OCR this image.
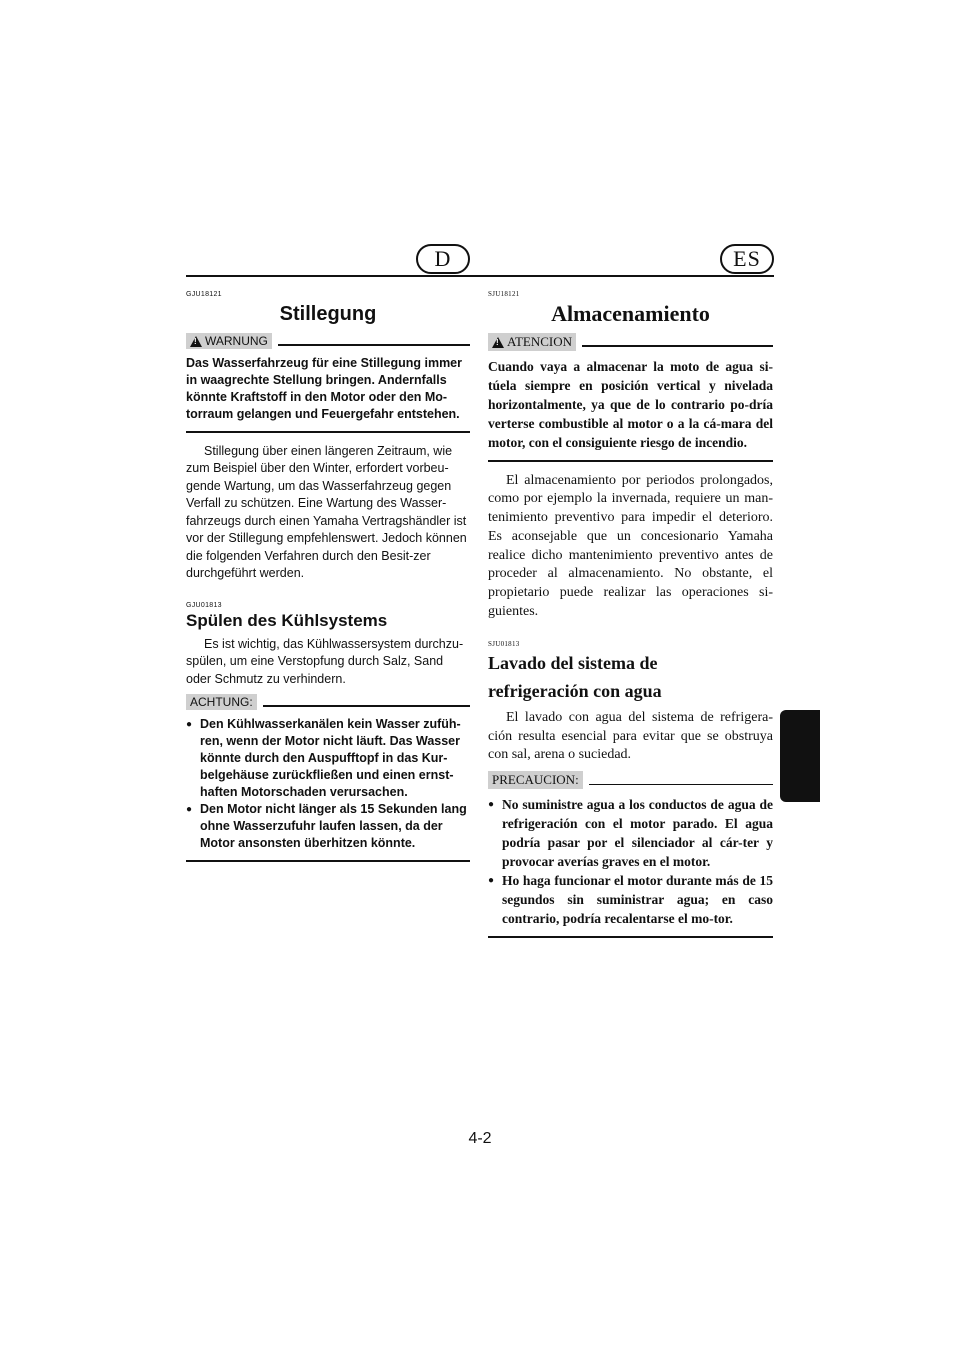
D	ES

GJU18121

Stillegung
!
WARNUNG

Das Wasserfahrzeug für eine Stillegung immer in waagrechte Stellung bringen. Andernfalls könnte Kraftstoff in den Motor oder den Mo-torraum gelangen und Feuergefahr entstehen.

Stillegung über einen längeren Zeitraum, wie zum Beispiel über den Winter, erfordert vorbeu-gende Wartung, um das Wasserfahrzeug gegen Verfall zu schützen. Eine Wartung des Wasser-fahrzeugs durch einen Yamaha Vertragshändler ist vor der Stillegung empfehlenswert. Jedoch können die folgenden Verfahren durch den Besit-zer durchgeführt werden.

GJU01813

Spülen des Kühlsystems

Es ist wichtig, das Kühlwassersystem durchzu-spülen, um eine Verstopfung durch Salz, Sand oder Schmutz zu verhindern.

ACHTUNG:
● Den Kühlwasserkanälen kein Wasser zufüh-ren, wenn der Motor nicht läuft. Das Wasser könnte durch den Auspufftopf in das Kur-belgehäuse zurückfließen und einen ernst-haften Motorschaden verursachen.
● Den Motor nicht länger als 15 Sekunden lang ohne Wasserzufuhr laufen lassen, da der Motor ansonsten überhitzen könnte.

SJU18121

Almacenamiento
!
ATENCION

Cuando vaya a almacenar la moto de agua si-túela siempre en posición vertical y nivelada horizontalmente, ya que de lo contrario po-dría verterse combustible al motor o a la cá-mara del motor, con el consiguiente riesgo de incendio.

El almacenamiento por periodos prolongados, como por ejemplo la invernada, requiere un man-tenimiento preventivo para impedir el deterioro. Es aconsejable que un concesionario Yamaha realice dicho mantenimiento preventivo antes de proceder al almacenamiento. No obstante, el propietario puede realizar las operaciones si-guientes.

SJU01813

Lavado del sistema de
refrigeración con agua

El lavado con agua del sistema de refrigera-ción resulta esencial para evitar que se obstruya con sal, arena o suciedad.

PRECAUCION:
● No suministre agua a los conductos de agua de refrigeración con el motor parado. El agua podría pasar por el silenciador al cár-ter y provocar averías graves en el motor.
● Ho haga funcionar el motor durante más de 15 segundos sin suministrar agua; en caso contrario, podría recalentarse el mo-tor.
4-2
